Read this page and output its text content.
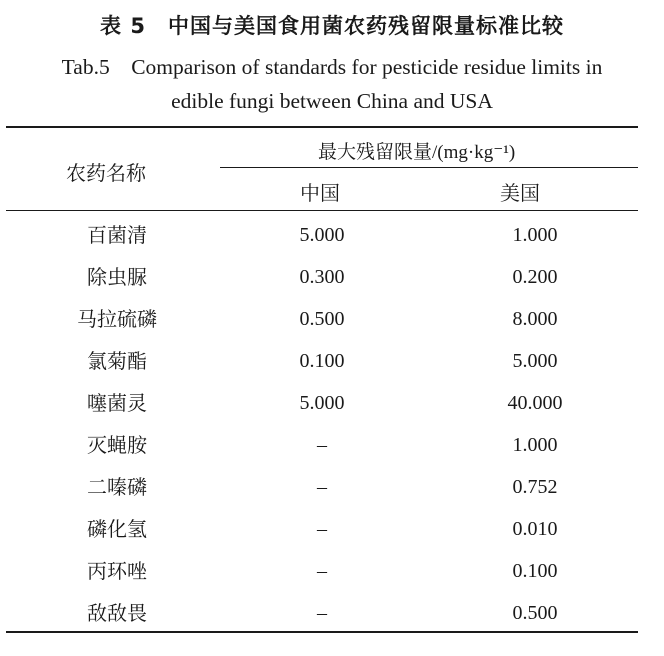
表 5　中国与美国食用菌农药残留限量标准比较
Tab.5　Comparison of standards for pesticide residue limits in
edible fungi between China and USA
农药名称
最大残留限量/(mg·kg⁻¹)
中国	美国
百菌清	5.000	1.000
除虫脲	0.300	0.200
马拉硫磷	0.500	8.000
氯菊酯	0.100	5.000
噻菌灵	5.000	40.000
灭蝇胺	–	1.000
二嗪磷	–	0.752
磷化氢	–	0.010
丙环唑	–	0.100
敌敌畏	–	0.500
